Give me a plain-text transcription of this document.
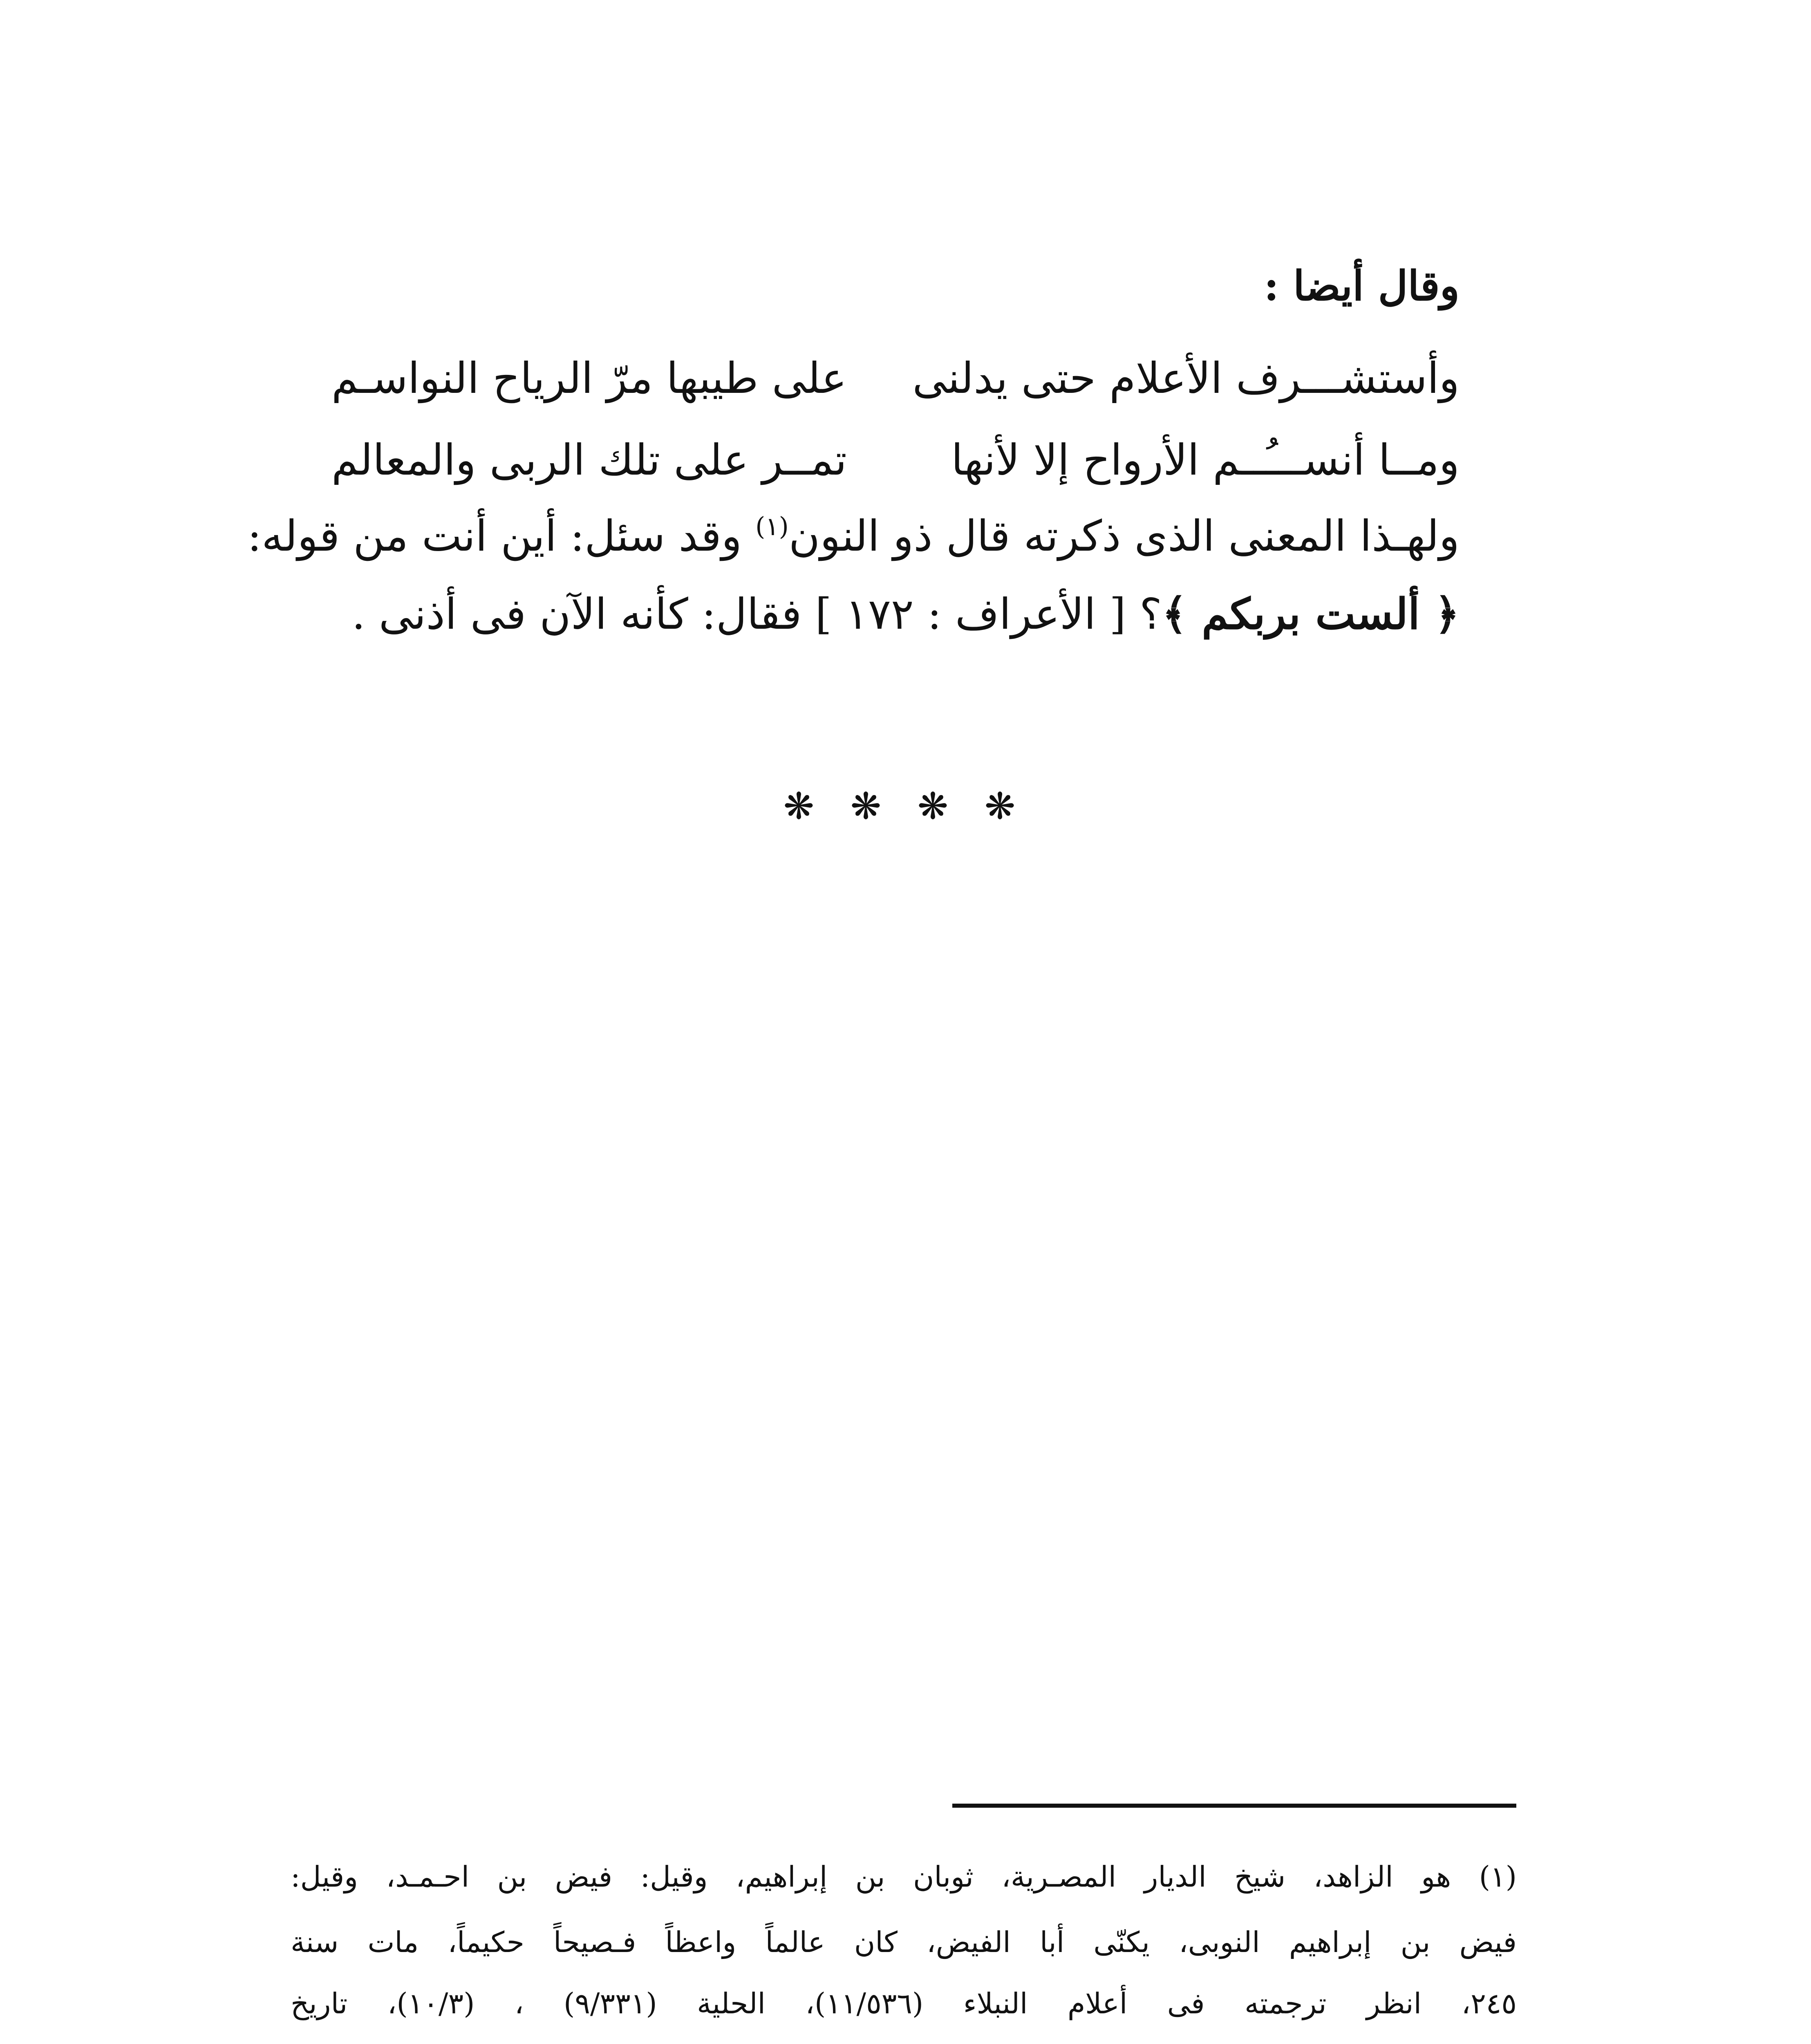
وقال أيضا :
وأستشـــرف الأعلام حتى يدلنى
على طيبها مرّ الرياح النواسـم
ومــا أنســـُــم الأرواح إلا لأنها
تمــر على تلك الربى والمعالم
ولهـذا المعنى الذى ذكرته قال ذو النون$^{(١)}$ وقد سئل: أين أنت من قوله:
﴿ ألست بربكم ﴾؟ [ الأعراف : ١٧٢ ] فقال: كأنه الآن فى أذنى .
❋ ❋ ❋ ❋
(١) هو الزاهد، شيخ الديار المصـرية، ثوبان بن إبراهيم، وقيل: فيض بن احـمـد، وقيل:
فيض بن إبراهيم النوبى، يكنّى أبا الفيض، كان عالماً واعظاً فـصيحاً حكيماً، مات سنة
٢٤٥، انظر ترجمته فى أعلام النبلاء (١١/٥٣٦)، الحلية (٩/٣٣١) ، (١٠/٣)، تاريخ
